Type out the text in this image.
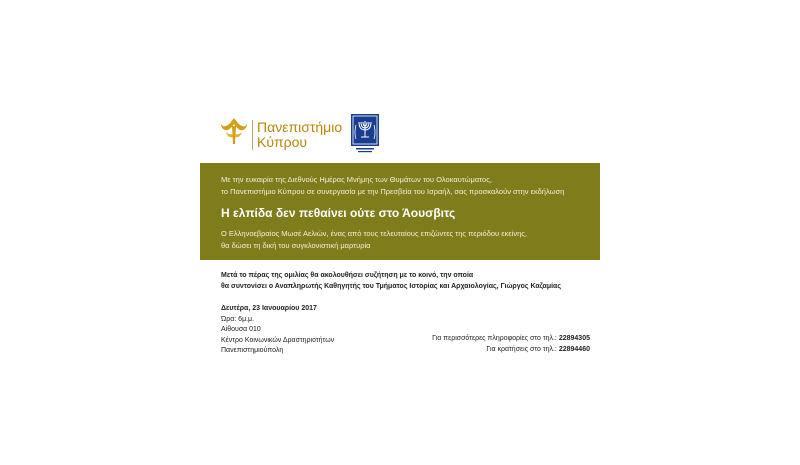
Πανεπιστήμιο
Κύπρου
Με την ευκαιρία της Διεθνούς Ημέρας Μνήμης των Θυμάτων του Ολοκαυτώματος,
το Πανεπιστήμιο Κύπρου σε συνεργασία με την Πρεσβεία του Ισραήλ, σας προσκαλούν στην εκδήλωση
Η ελπίδα δεν πεθαίνει ούτε στο Άουσβιτς
Ο Ελληνοεβραίος Μωσέ Αελιών, ένας από τους τελευταίους επιζώντες της περιόδου εκείνης,
θα δώσει τη δική του συγκλονιστική μαρτυρία
Μετά το πέρας της ομιλίας θα ακολουθήσει συζήτηση με το κοινό, την οποία
θα συντονίσει ο Αναπληρωτής Καθηγητής του Τμήματος Ιστορίας και Αρχαιολογίας, Γιώργος Καζαμίας
Δευτέρα, 23 Ιανουαρίου 2017
Ώρα: 6μ.μ.
Αίθουσα 010
Κέντρο Κοινωνικών Δραστηριοτήτων
Πανεπιστημιούπολη
Για περισσότερες πληροφορίες στο τηλ.: 22894305
Για κρατήσεις στο τηλ.: 22894460
